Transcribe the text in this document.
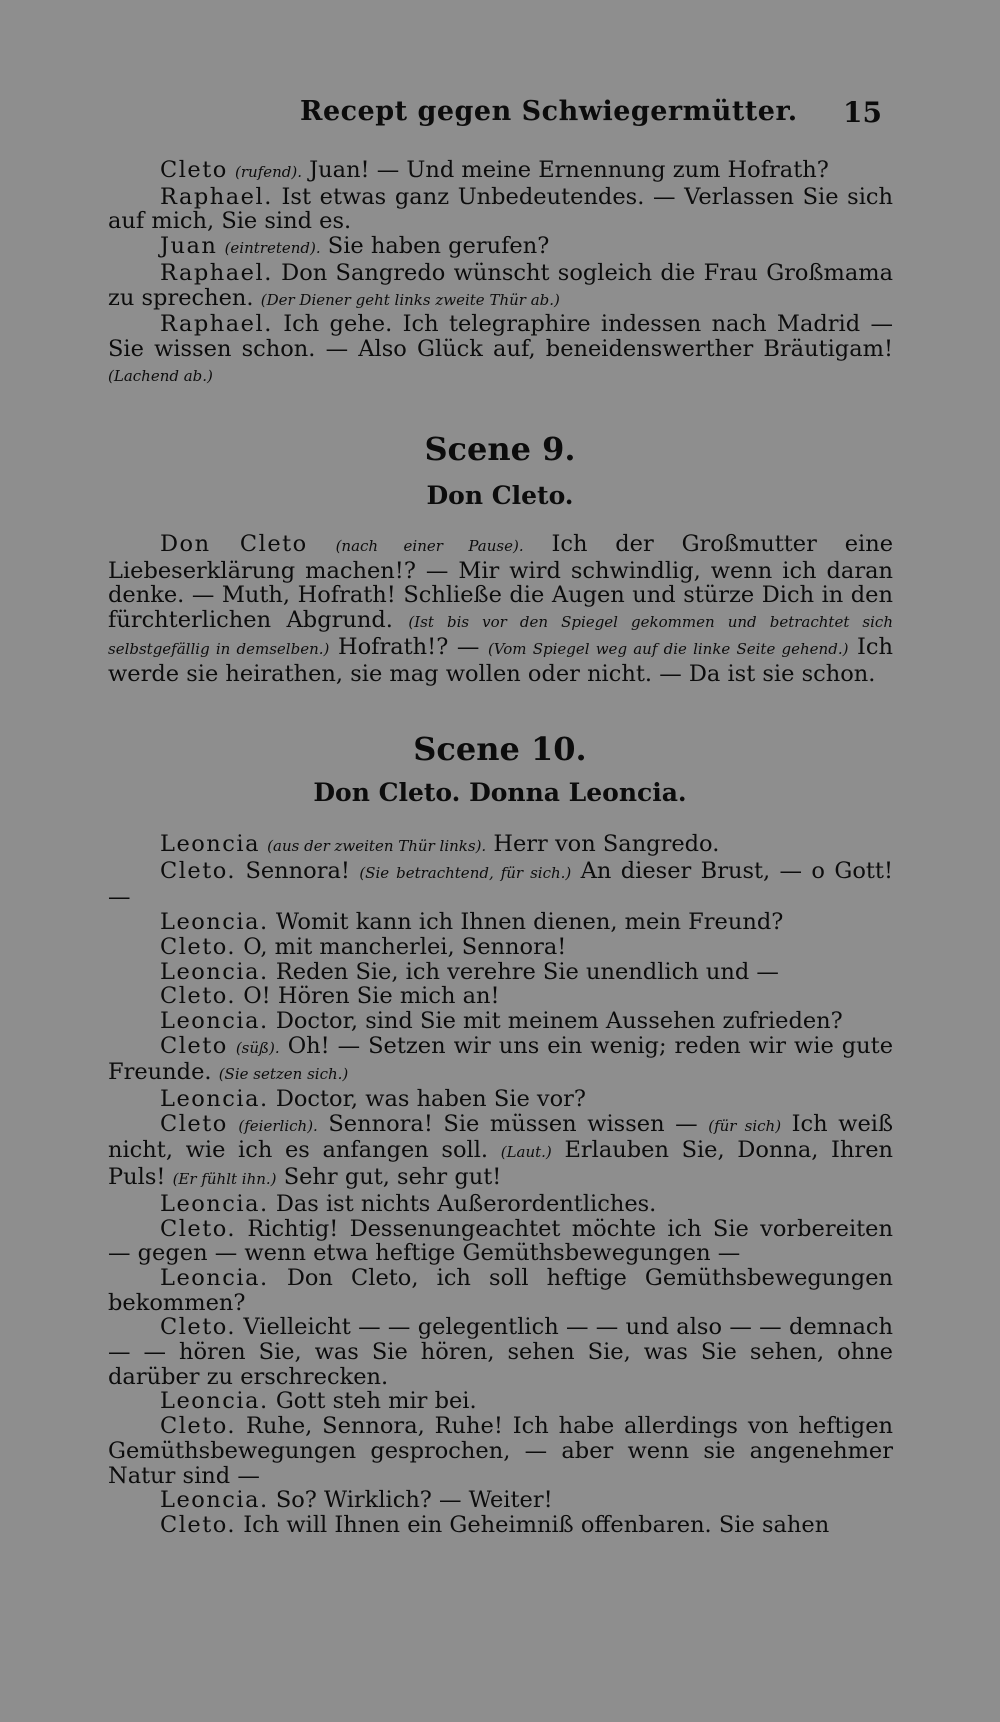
Recept gegen Schwiegermütter. 15

Cleto (rufend). Juan! — Und meine Ernennung zum Hofrath?

Raphael. Ist etwas ganz Unbedeutendes. — Verlassen Sie sich auf mich, Sie sind es.

Juan (eintretend). Sie haben gerufen?

Raphael. Don Sangredo wünscht sogleich die Frau Großmama zu sprechen. (Der Diener geht links zweite Thür ab.)

Raphael. Ich gehe. Ich telegraphire indessen nach Madrid — Sie wissen schon. — Also Glück auf, beneidenswerther Bräutigam! (Lachend ab.)

Scene 9.
Don Cleto.

Don Cleto (nach einer Pause). Ich der Großmutter eine Liebeserklärung machen!? — Mir wird schwindlig, wenn ich daran denke. — Muth, Hofrath! Schließe die Augen und stürze Dich in den fürchterlichen Abgrund. (Ist bis vor den Spiegel gekommen und betrachtet sich selbstgefällig in demselben.) Hofrath!? — (Vom Spiegel weg auf die linke Seite gehend.) Ich werde sie heirathen, sie mag wollen oder nicht. — Da ist sie schon.

Scene 10.
Don Cleto. Donna Leoncia.

Leoncia (aus der zweiten Thür links). Herr von Sangredo.

Cleto. Sennora! (Sie betrachtend, für sich.) An dieser Brust, — o Gott! —

Leoncia. Womit kann ich Ihnen dienen, mein Freund?

Cleto. O, mit mancherlei, Sennora!

Leoncia. Reden Sie, ich verehre Sie unendlich und —

Cleto. O! Hören Sie mich an!

Leoncia. Doctor, sind Sie mit meinem Aussehen zufrieden?

Cleto (süß). Oh! — Setzen wir uns ein wenig; reden wir wie gute Freunde. (Sie setzen sich.)

Leoncia. Doctor, was haben Sie vor?

Cleto (feierlich). Sennora! Sie müssen wissen — (für sich) Ich weiß nicht, wie ich es anfangen soll. (Laut.) Erlauben Sie, Donna, Ihren Puls! (Er fühlt ihn.) Sehr gut, sehr gut!

Leoncia. Das ist nichts Außerordentliches.

Cleto. Richtig! Dessenungeachtet möchte ich Sie vorbereiten — gegen — wenn etwa heftige Gemüthsbewegungen —

Leoncia. Don Cleto, ich soll heftige Gemüthsbewegungen bekommen?

Cleto. Vielleicht — — gelegentlich — — und also — — demnach — — hören Sie, was Sie hören, sehen Sie, was Sie sehen, ohne darüber zu erschrecken.

Leoncia. Gott steh mir bei.

Cleto. Ruhe, Sennora, Ruhe! Ich habe allerdings von heftigen Gemüthsbewegungen gesprochen, — aber wenn sie angenehmer Natur sind —

Leoncia. So? Wirklich? — Weiter!

Cleto. Ich will Ihnen ein Geheimniß offenbaren. Sie sahen
